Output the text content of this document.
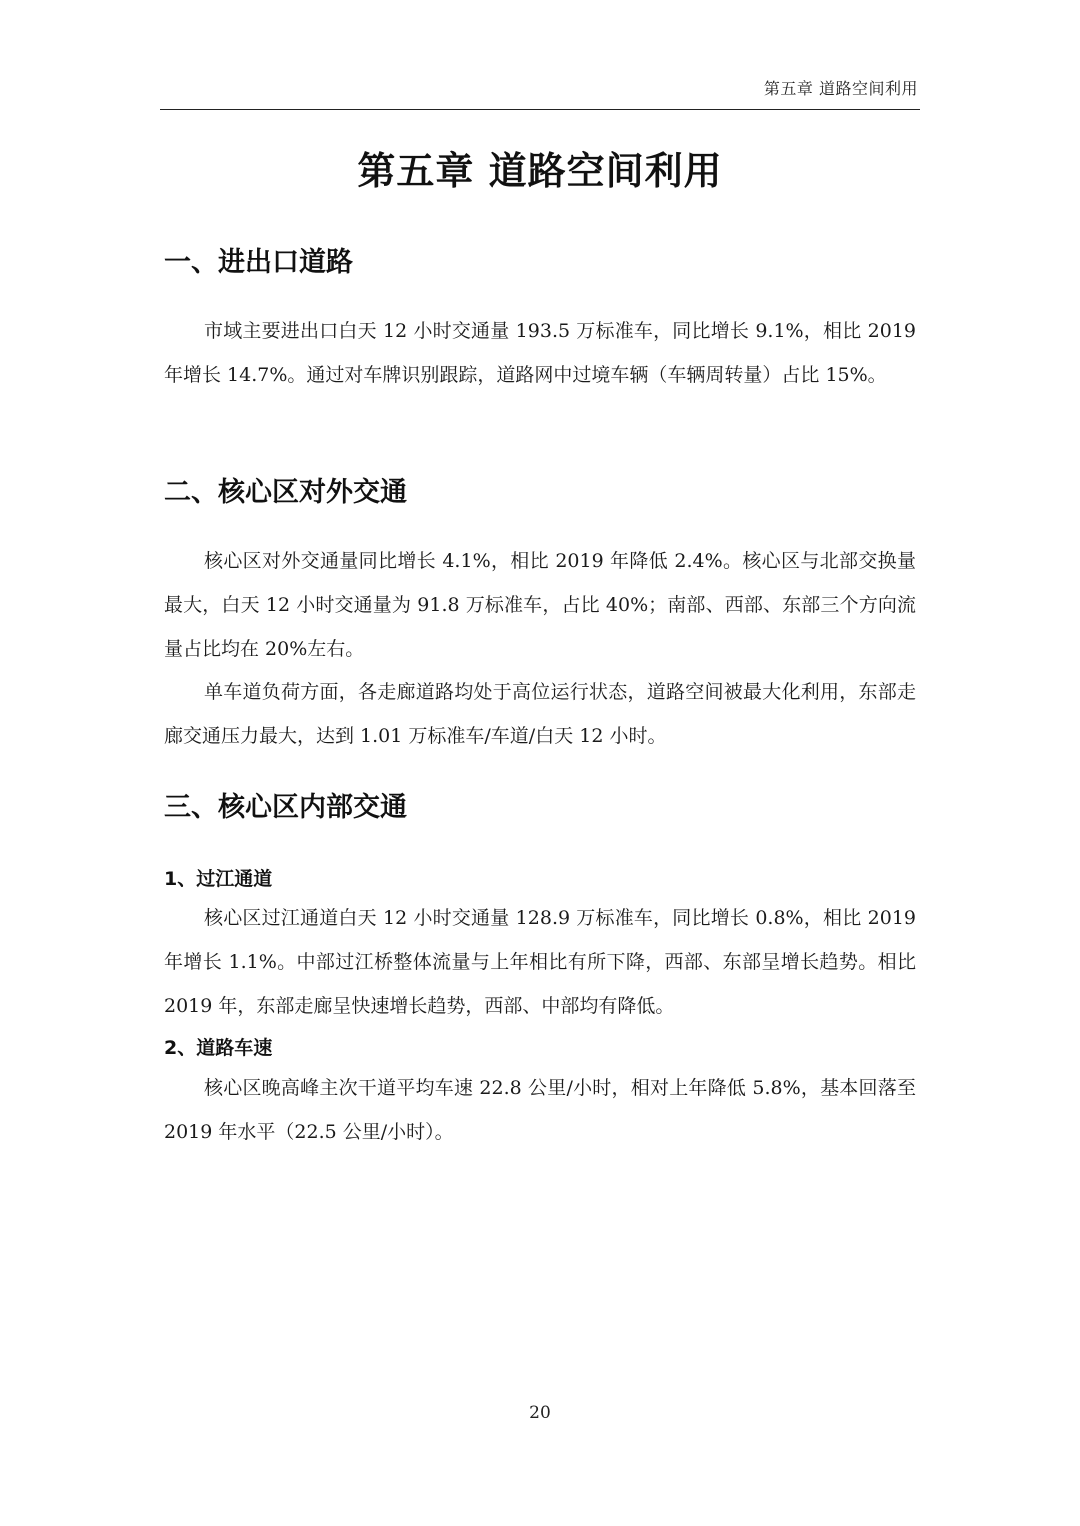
第五章 道路空间利用
第五章 道路空间利用
一、进出口道路

市域主要进出口白天 12 小时交通量 193.5 万标准车，同比增长 9.1%，相比 2019 年增长 14.7%。通过对车牌识别跟踪，道路网中过境车辆（车辆周转量）占比 15%。

二、核心区对外交通

核心区对外交通量同比增长 4.1%，相比 2019 年降低 2.4%。核心区与北部交换量最大，白天 12 小时交通量为 91.8 万标准车，占比 40%；南部、西部、东部三个方向流量占比均在 20%左右。

单车道负荷方面，各走廊道路均处于高位运行状态，道路空间被最大化利用，东部走廊交通压力最大，达到 1.01 万标准车/车道/白天 12 小时。

三、核心区内部交通
1、过江通道

核心区过江通道白天 12 小时交通量 128.9 万标准车，同比增长 0.8%，相比 2019 年增长 1.1%。中部过江桥整体流量与上年相比有所下降，西部、东部呈增长趋势。相比 2019 年，东部走廊呈快速增长趋势，西部、中部均有降低。

2、道路车速

核心区晚高峰主次干道平均车速 22.8 公里/小时，相对上年降低 5.8%，基本回落至 2019 年水平（22.5 公里/小时）。

20
